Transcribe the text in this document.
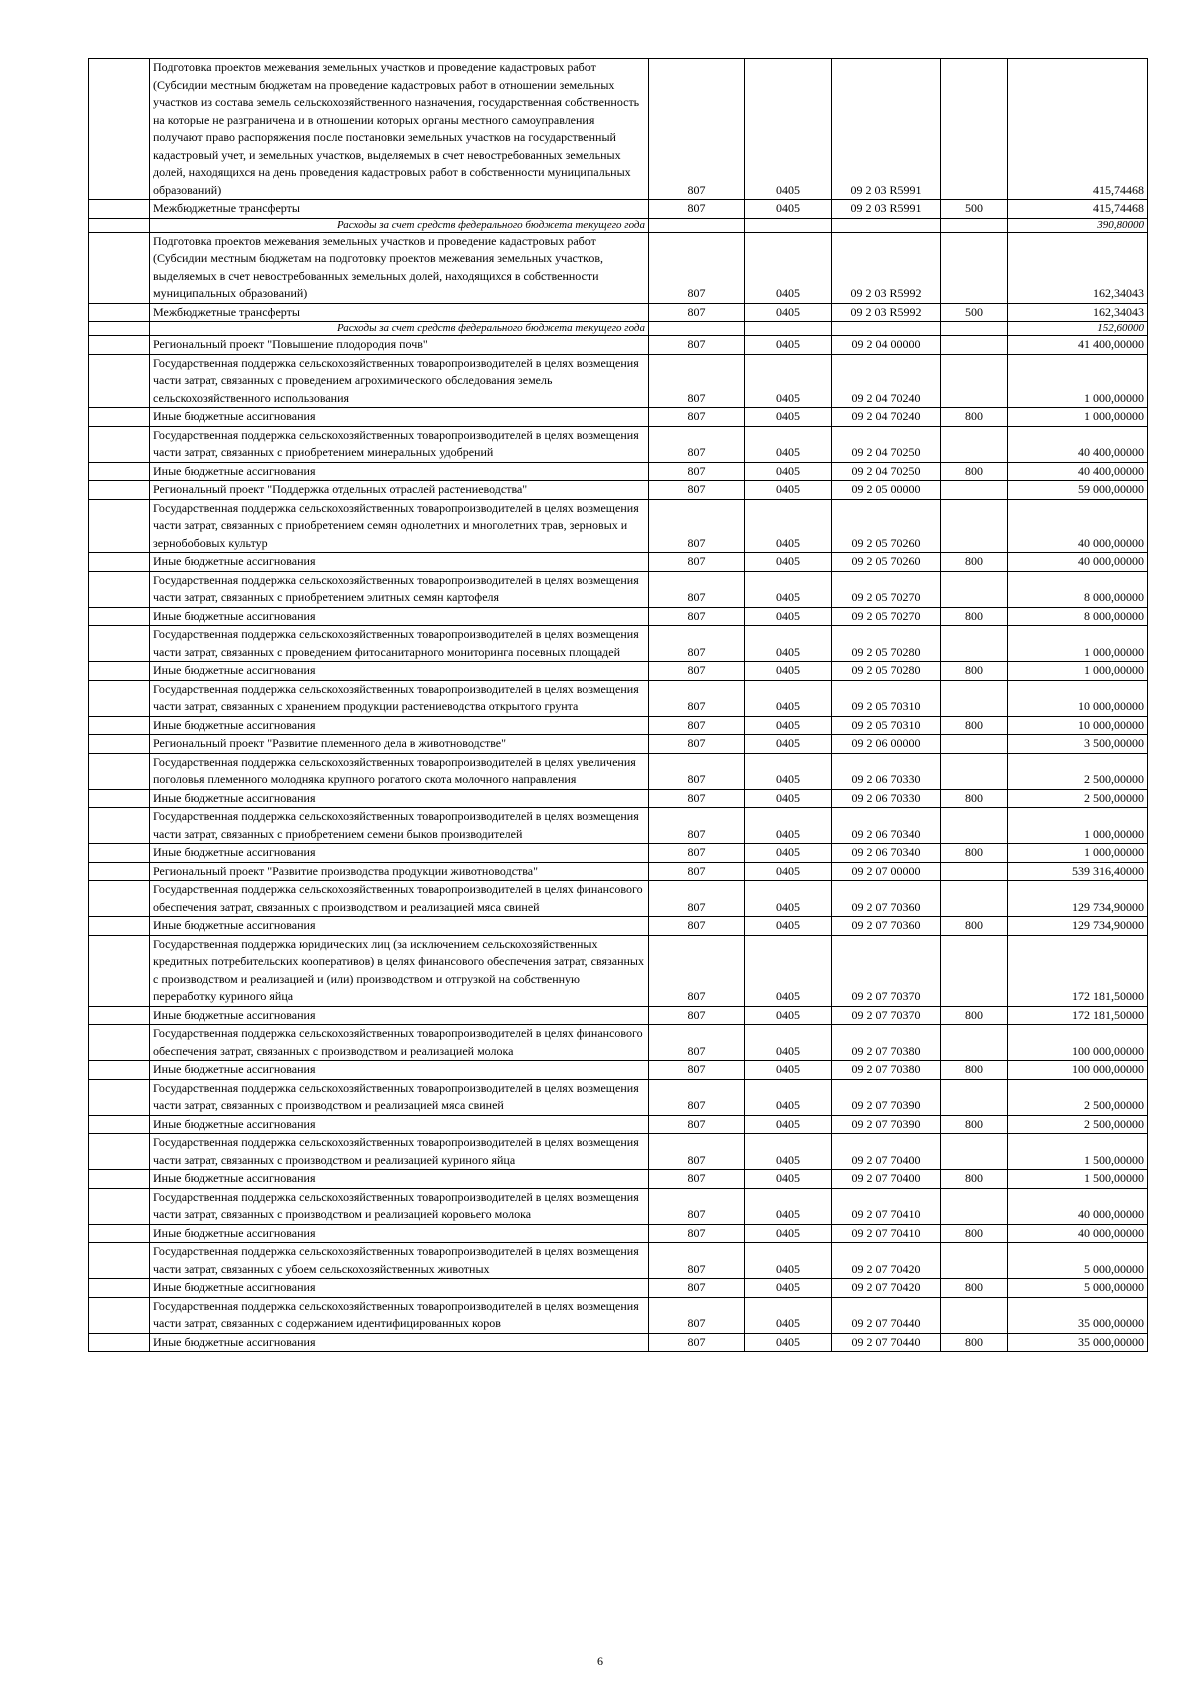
	Подготовка проектов межевания земельных участков и проведение кадастровых работ (Субсидии местным бюджетам на проведение кадастровых работ в отношении земельных участков из состава земель сельскохозяйственного назначения, государственная собственность на которые не разграничена и в отношении которых органы местного самоуправления получают право распоряжения после постановки земельных участков на государственный кадастровый учет, и земельных участков, выделяемых в счет невостребованных земельных долей, находящихся на день проведения кадастровых работ в собственности муниципальных образований)	807	0405	09 2 03 R5991		415,74468
	Межбюджетные трансферты	807	0405	09 2 03 R5991	500	415,74468
	Расходы за счет средств федерального бюджета текущего года					390,80000
	Подготовка проектов межевания земельных участков и проведение кадастровых работ (Субсидии местным бюджетам на подготовку проектов межевания земельных участков, выделяемых в счет невостребованных земельных долей, находящихся в собственности муниципальных образований)	807	0405	09 2 03 R5992		162,34043
	Межбюджетные трансферты	807	0405	09 2 03 R5992	500	162,34043
	Расходы за счет средств федерального бюджета текущего года					152,60000
	Региональный проект "Повышение плодородия почв"	807	0405	09 2 04 00000		41 400,00000
	Государственная поддержка сельскохозяйственных товаропроизводителей в целях возмещения части затрат, связанных с проведением агрохимического обследования земель сельскохозяйственного использования	807	0405	09 2 04 70240		1 000,00000
	Иные бюджетные ассигнования	807	0405	09 2 04 70240	800	1 000,00000
	Государственная поддержка сельскохозяйственных товаропроизводителей в целях возмещения части затрат, связанных с приобретением минеральных удобрений	807	0405	09 2 04 70250		40 400,00000
	Иные бюджетные ассигнования	807	0405	09 2 04 70250	800	40 400,00000
	Региональный проект "Поддержка отдельных отраслей растениеводства"	807	0405	09 2 05 00000		59 000,00000
	Государственная поддержка сельскохозяйственных товаропроизводителей в целях возмещения части затрат, связанных с приобретением семян однолетних и многолетних трав, зерновых и зернобобовых культур	807	0405	09 2 05 70260		40 000,00000
	Иные бюджетные ассигнования	807	0405	09 2 05 70260	800	40 000,00000
	Государственная поддержка сельскохозяйственных товаропроизводителей в целях возмещения части затрат, связанных с приобретением элитных семян картофеля	807	0405	09 2 05 70270		8 000,00000
	Иные бюджетные ассигнования	807	0405	09 2 05 70270	800	8 000,00000
	Государственная поддержка сельскохозяйственных товаропроизводителей в целях возмещения части затрат, связанных с проведением фитосанитарного мониторинга посевных площадей	807	0405	09 2 05 70280		1 000,00000
	Иные бюджетные ассигнования	807	0405	09 2 05 70280	800	1 000,00000
	Государственная поддержка сельскохозяйственных товаропроизводителей в целях возмещения части затрат, связанных с хранением продукции растениеводства открытого грунта	807	0405	09 2 05 70310		10 000,00000
	Иные бюджетные ассигнования	807	0405	09 2 05 70310	800	10 000,00000
	Региональный проект "Развитие племенного дела в животноводстве"	807	0405	09 2 06 00000		3 500,00000
	Государственная поддержка сельскохозяйственных товаропроизводителей в целях увеличения поголовья племенного молодняка крупного рогатого скота молочного направления	807	0405	09 2 06 70330		2 500,00000
	Иные бюджетные ассигнования	807	0405	09 2 06 70330	800	2 500,00000
	Государственная поддержка сельскохозяйственных товаропроизводителей в целях возмещения части затрат, связанных с приобретением семени быков производителей	807	0405	09 2 06 70340		1 000,00000
	Иные бюджетные ассигнования	807	0405	09 2 06 70340	800	1 000,00000
	Региональный проект "Развитие производства продукции животноводства"	807	0405	09 2 07 00000		539 316,40000
	Государственная поддержка сельскохозяйственных товаропроизводителей в целях финансового обеспечения затрат, связанных с производством и реализацией мяса свиней	807	0405	09 2 07 70360		129 734,90000
	Иные бюджетные ассигнования	807	0405	09 2 07 70360	800	129 734,90000
	Государственная поддержка юридических лиц (за исключением сельскохозяйственных кредитных потребительских кооперативов) в целях финансового обеспечения затрат, связанных с производством и реализацией и (или) производством и отгрузкой на собственную переработку куриного яйца	807	0405	09 2 07 70370		172 181,50000
	Иные бюджетные ассигнования	807	0405	09 2 07 70370	800	172 181,50000
	Государственная поддержка сельскохозяйственных товаропроизводителей в целях финансового обеспечения затрат, связанных с производством и реализацией молока	807	0405	09 2 07 70380		100 000,00000
	Иные бюджетные ассигнования	807	0405	09 2 07 70380	800	100 000,00000
	Государственная поддержка сельскохозяйственных товаропроизводителей в целях возмещения части затрат, связанных с производством и реализацией мяса свиней	807	0405	09 2 07 70390		2 500,00000
	Иные бюджетные ассигнования	807	0405	09 2 07 70390	800	2 500,00000
	Государственная поддержка сельскохозяйственных товаропроизводителей в целях возмещения части затрат, связанных с производством и реализацией куриного яйца	807	0405	09 2 07 70400		1 500,00000
	Иные бюджетные ассигнования	807	0405	09 2 07 70400	800	1 500,00000
	Государственная поддержка сельскохозяйственных товаропроизводителей в целях возмещения части затрат, связанных с производством и реализацией коровьего молока	807	0405	09 2 07 70410		40 000,00000
	Иные бюджетные ассигнования	807	0405	09 2 07 70410	800	40 000,00000
	Государственная поддержка сельскохозяйственных товаропроизводителей в целях возмещения части затрат, связанных с убоем сельскохозяйственных животных	807	0405	09 2 07 70420		5 000,00000
	Иные бюджетные ассигнования	807	0405	09 2 07 70420	800	5 000,00000
	Государственная поддержка сельскохозяйственных товаропроизводителей в целях возмещения части затрат, связанных с содержанием идентифицированных коров	807	0405	09 2 07 70440		35 000,00000
	Иные бюджетные ассигнования	807	0405	09 2 07 70440	800	35 000,00000
6
